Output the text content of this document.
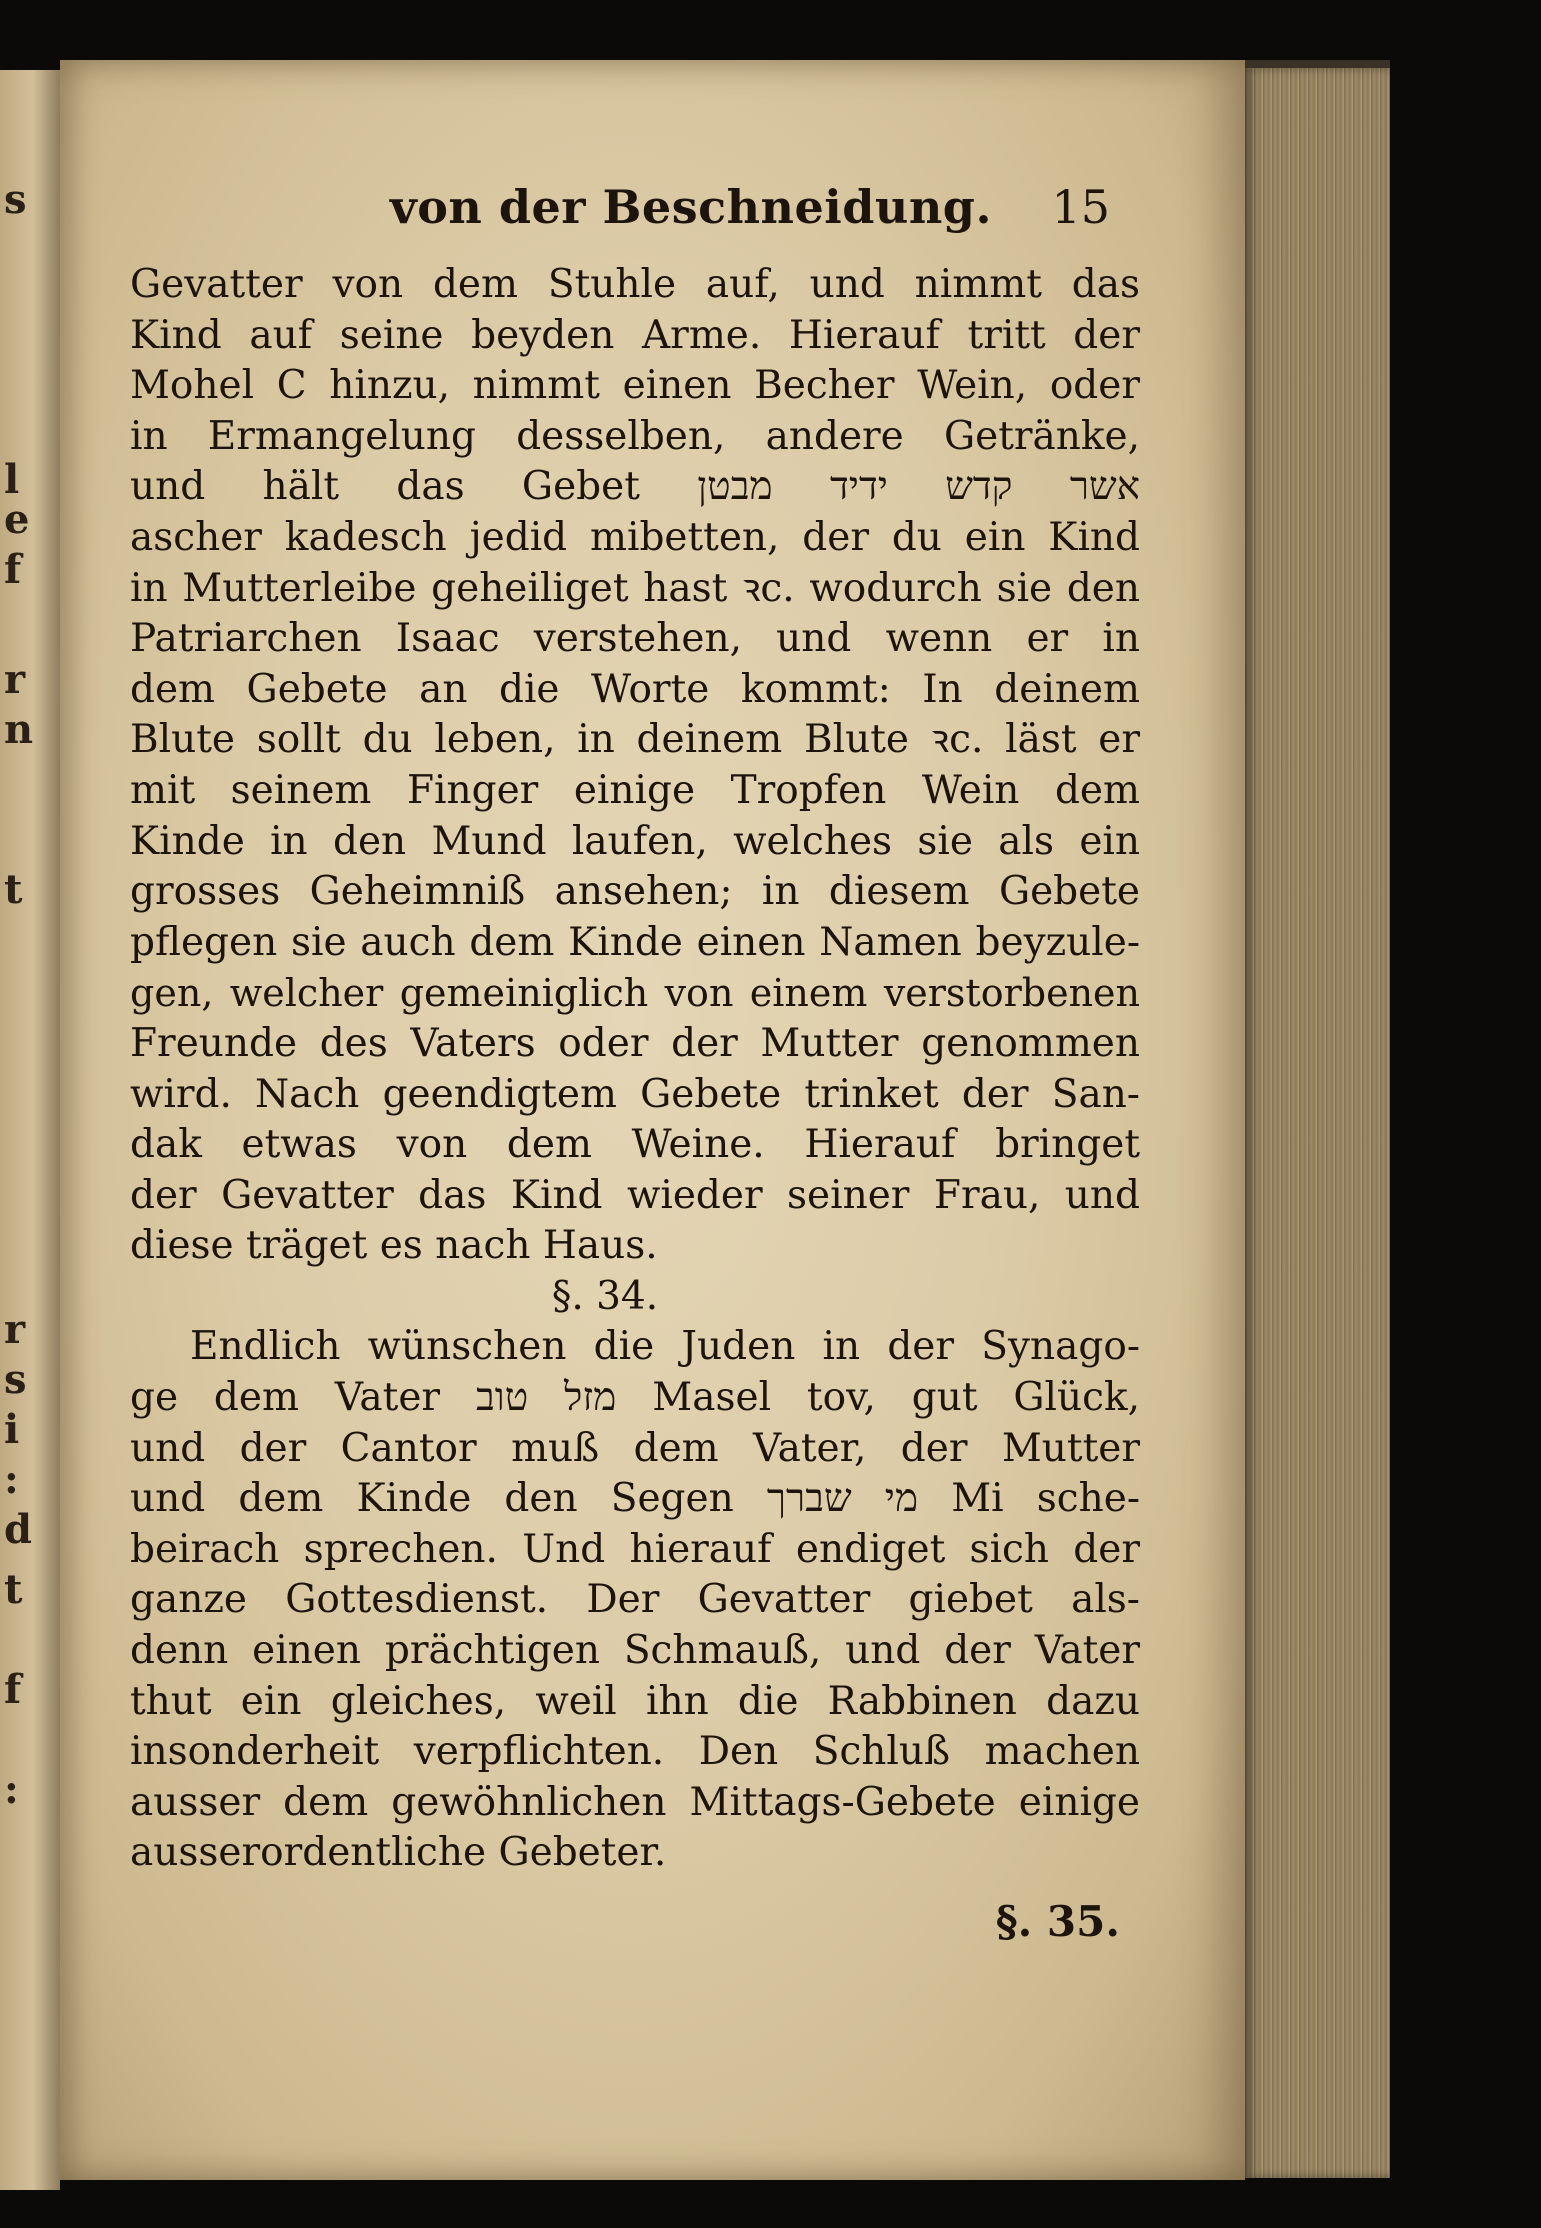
s
l
e
f
r
n
t
r
s
i
:
d
t
f
:
von der Beschneidung. 15
Gevatter von dem Stuhle auf, und nimmt das
Kind auf seine beyden Arme. Hierauf tritt der
Mohel C hinzu, nimmt einen Becher Wein, oder
in Ermangelung desselben, andere Getränke,
und hält das Gebet אשר קדש ידיד מבטן
ascher kadesch jedid mibetten, der du ein Kind
in Mutterleibe geheiliget hast ꝛc. wodurch sie den
Patriarchen Isaac verstehen, und wenn er in
dem Gebete an die Worte kommt: In deinem
Blute sollt du leben, in deinem Blute ꝛc. läst er
mit seinem Finger einige Tropfen Wein dem
Kinde in den Mund laufen, welches sie als ein
grosses Geheimniß ansehen; in diesem Gebete
pflegen sie auch dem Kinde einen Namen beyzule-
gen, welcher gemeiniglich von einem verstorbenen
Freunde des Vaters oder der Mutter genommen
wird. Nach geendigtem Gebete trinket der San-
dak etwas von dem Weine. Hierauf bringet
der Gevatter das Kind wieder seiner Frau, und
diese träget es nach Haus.
§. 34.
Endlich wünschen die Juden in der Synago-
ge dem Vater מזל טוב Masel tov, gut Glück,
und der Cantor muß dem Vater, der Mutter
und dem Kinde den Segen מי שברך Mi sche-
beirach sprechen. Und hierauf endiget sich der
ganze Gottesdienst. Der Gevatter giebet als-
denn einen prächtigen Schmauß, und der Vater
thut ein gleiches, weil ihn die Rabbinen dazu
insonderheit verpflichten. Den Schluß machen
ausser dem gewöhnlichen Mittags-Gebete einige
ausserordentliche Gebeter.
§. 35.
